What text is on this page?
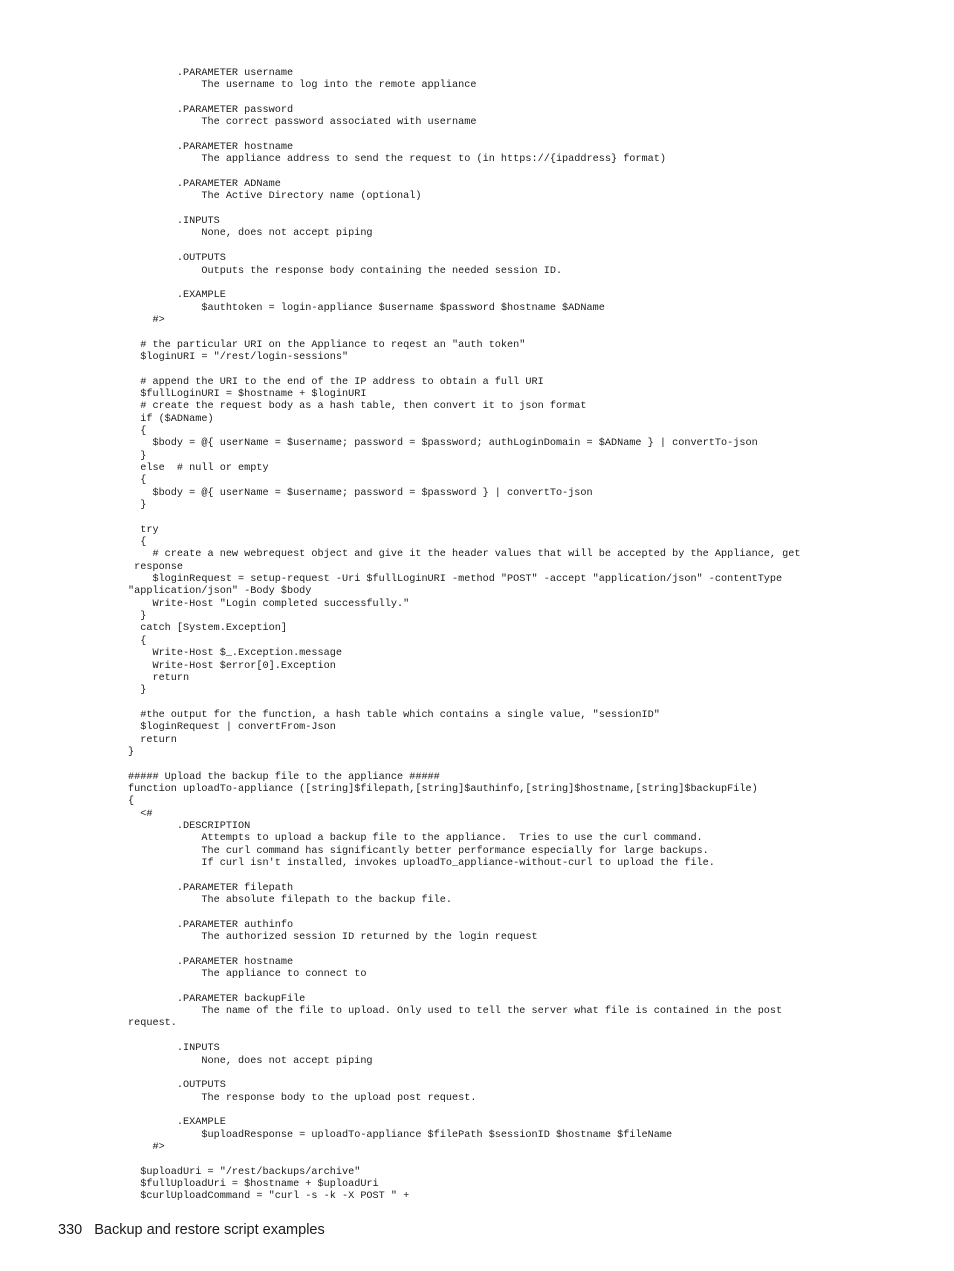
.PARAMETER username
The username to log into the remote appliance
.PARAMETER password
The correct password associated with username
.PARAMETER hostname
The appliance address to send the request to (in https://{ipaddress} format)
.PARAMETER ADName
The Active Directory name (optional)
.INPUTS
None, does not accept piping
.OUTPUTS
Outputs the response body containing the needed session ID.
.EXAMPLE
$authtoken = login-appliance $username $password $hostname $ADName
#>
# the particular URI on the Appliance to reqest an "auth token"
$loginURI = "/rest/login-sessions"
# append the URI to the end of the IP address to obtain a full URI
$fullLoginURI = $hostname + $loginURI
# create the request body as a hash table, then convert it to json format
if ($ADName)
{
$body = @{ userName = $username; password = $password; authLoginDomain = $ADName } | convertTo-json
}
else  # null or empty
{
$body = @{ userName = $username; password = $password } | convertTo-json
}
try
{
# create a new webrequest object and give it the header values that will be accepted by the Appliance, get
response
$loginRequest = setup-request -Uri $fullLoginURI -method "POST" -accept "application/json" -contentType
"application/json" -Body $body
Write-Host "Login completed successfully."
}
catch [System.Exception]
{
Write-Host $_.Exception.message
Write-Host $error[0].Exception
return
}
#the output for the function, a hash table which contains a single value, "sessionID"
$loginRequest | convertFrom-Json
return
}
##### Upload the backup file to the appliance #####
function uploadTo-appliance ([string]$filepath,[string]$authinfo,[string]$hostname,[string]$backupFile)
{
<#
.DESCRIPTION
Attempts to upload a backup file to the appliance.  Tries to use the curl command.
The curl command has significantly better performance especially for large backups.
If curl isn't installed, invokes uploadTo_appliance-without-curl to upload the file.
.PARAMETER filepath
The absolute filepath to the backup file.
.PARAMETER authinfo
The authorized session ID returned by the login request
.PARAMETER hostname
The appliance to connect to
.PARAMETER backupFile
The name of the file to upload. Only used to tell the server what file is contained in the post
request.
.INPUTS
None, does not accept piping
.OUTPUTS
The response body to the upload post request.
.EXAMPLE
$uploadResponse = uploadTo-appliance $filePath $sessionID $hostname $fileName
#>
$uploadUri = "/rest/backups/archive"
$fullUploadUri = $hostname + $uploadUri
$curlUploadCommand = "curl -s -k -X POST " +
330 Backup and restore script examples
